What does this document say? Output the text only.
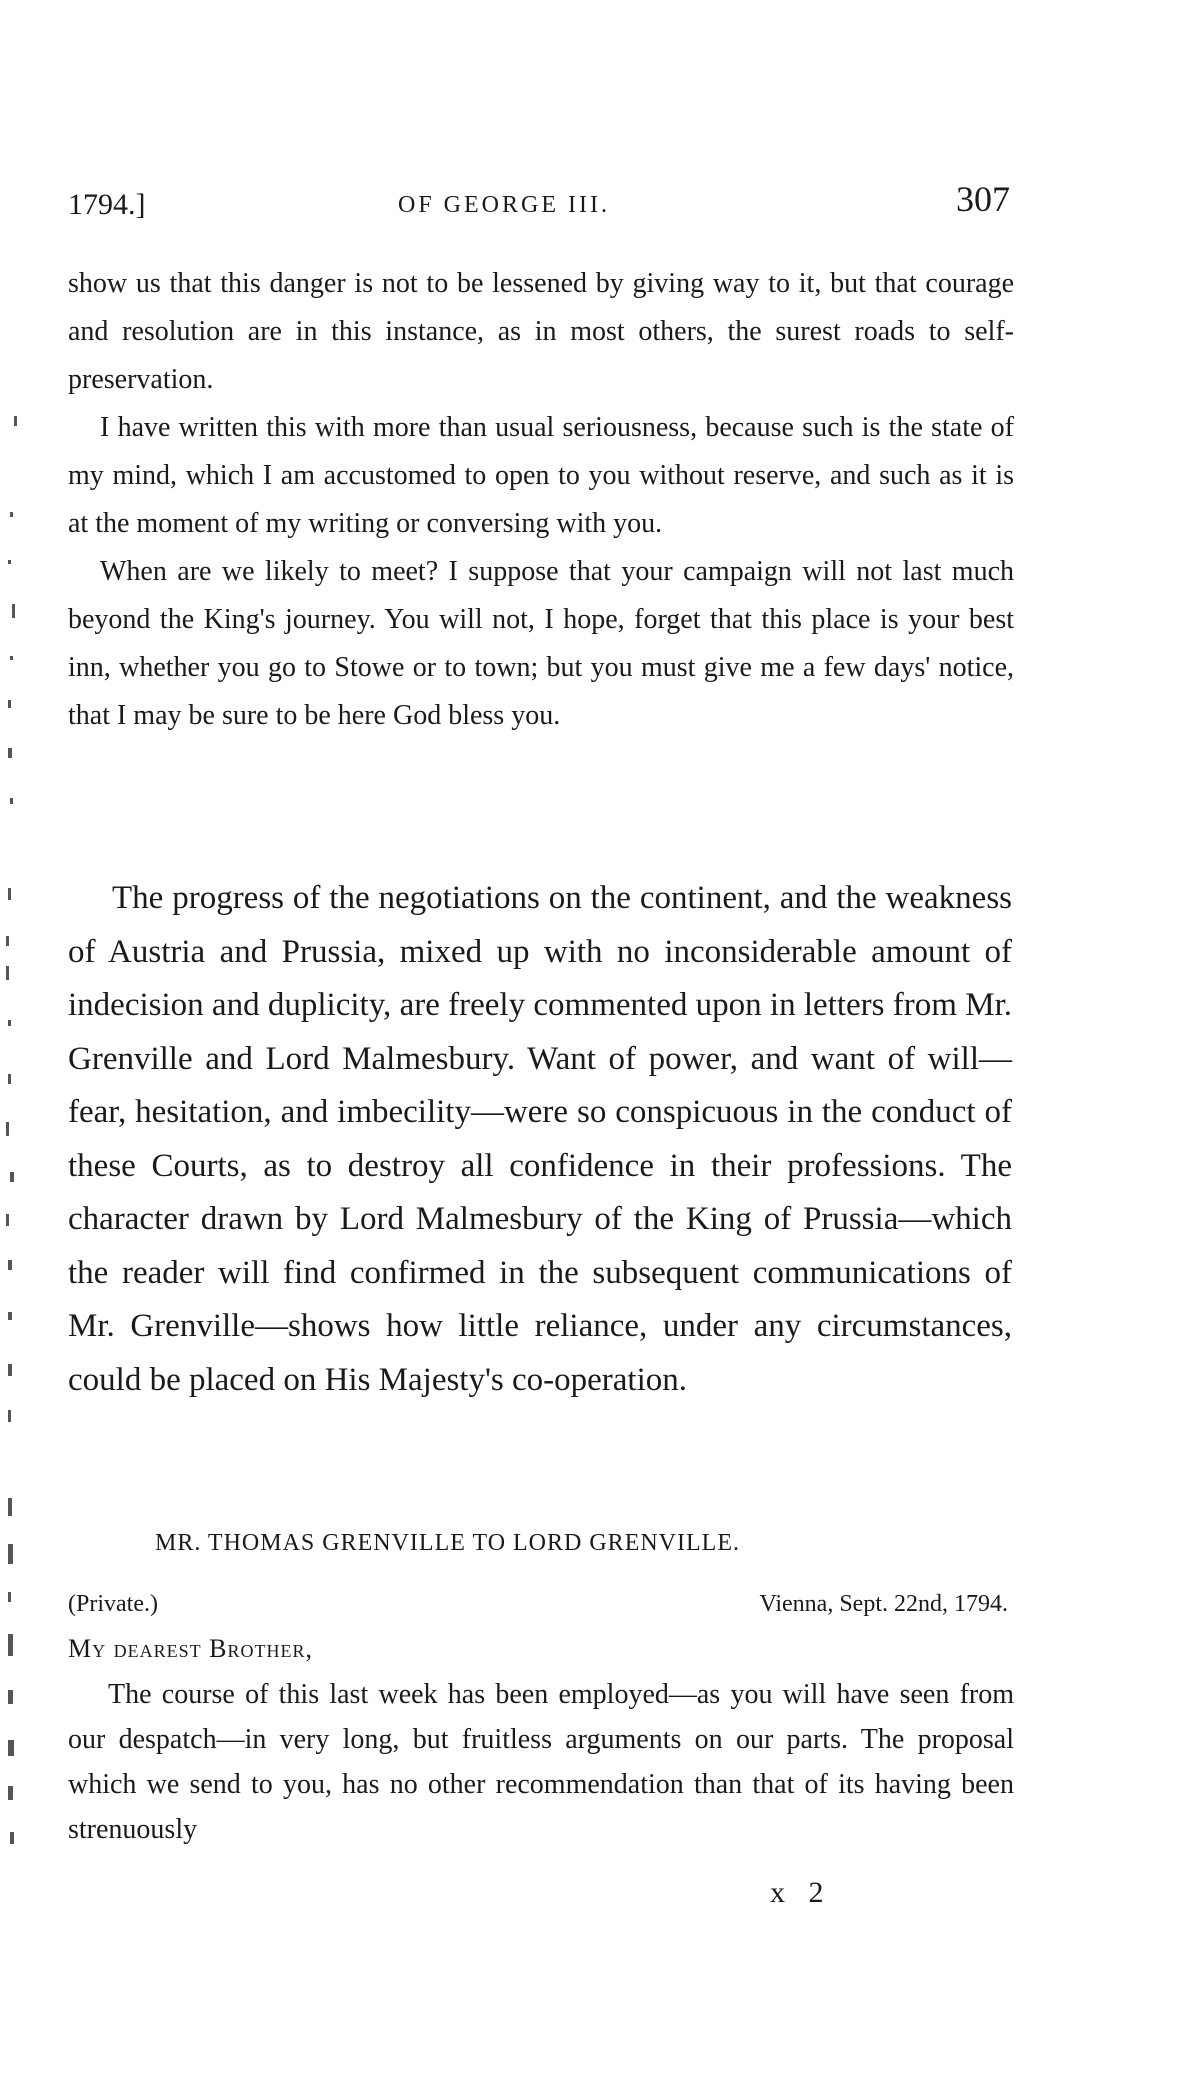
1794.]	OF GEORGE III.	307

show us that this danger is not to be lessened by giving way to it, but that courage and resolution are in this instance, as in most others, the surest roads to self-preservation.

I have written this with more than usual seriousness, because such is the state of my mind, which I am accustomed to open to you without reserve, and such as it is at the moment of my writing or conversing with you.

When are we likely to meet? I suppose that your campaign will not last much beyond the King's journey. You will not, I hope, forget that this place is your best inn, whether you go to Stowe or to town; but you must give me a few days' notice, that I may be sure to be here God bless you.

The progress of the negotiations on the continent, and the weakness of Austria and Prussia, mixed up with no inconsiderable amount of indecision and duplicity, are freely commented upon in letters from Mr. Grenville and Lord Malmesbury. Want of power, and want of will—fear, hesitation, and imbecility—were so conspicuous in the conduct of these Courts, as to destroy all confidence in their professions. The character drawn by Lord Malmesbury of the King of Prussia—which the reader will find confirmed in the subsequent communications of Mr. Grenville—shows how little reliance, under any circumstances, could be placed on His Majesty's co-operation.

MR. THOMAS GRENVILLE TO LORD GRENVILLE.
(Private.)	Vienna, Sept. 22nd, 1794.
My dearest Brother,

The course of this last week has been employed—as you will have seen from our despatch—in very long, but fruitless arguments on our parts. The proposal which we send to you, has no other recommendation than that of its having been strenuously

x 2
